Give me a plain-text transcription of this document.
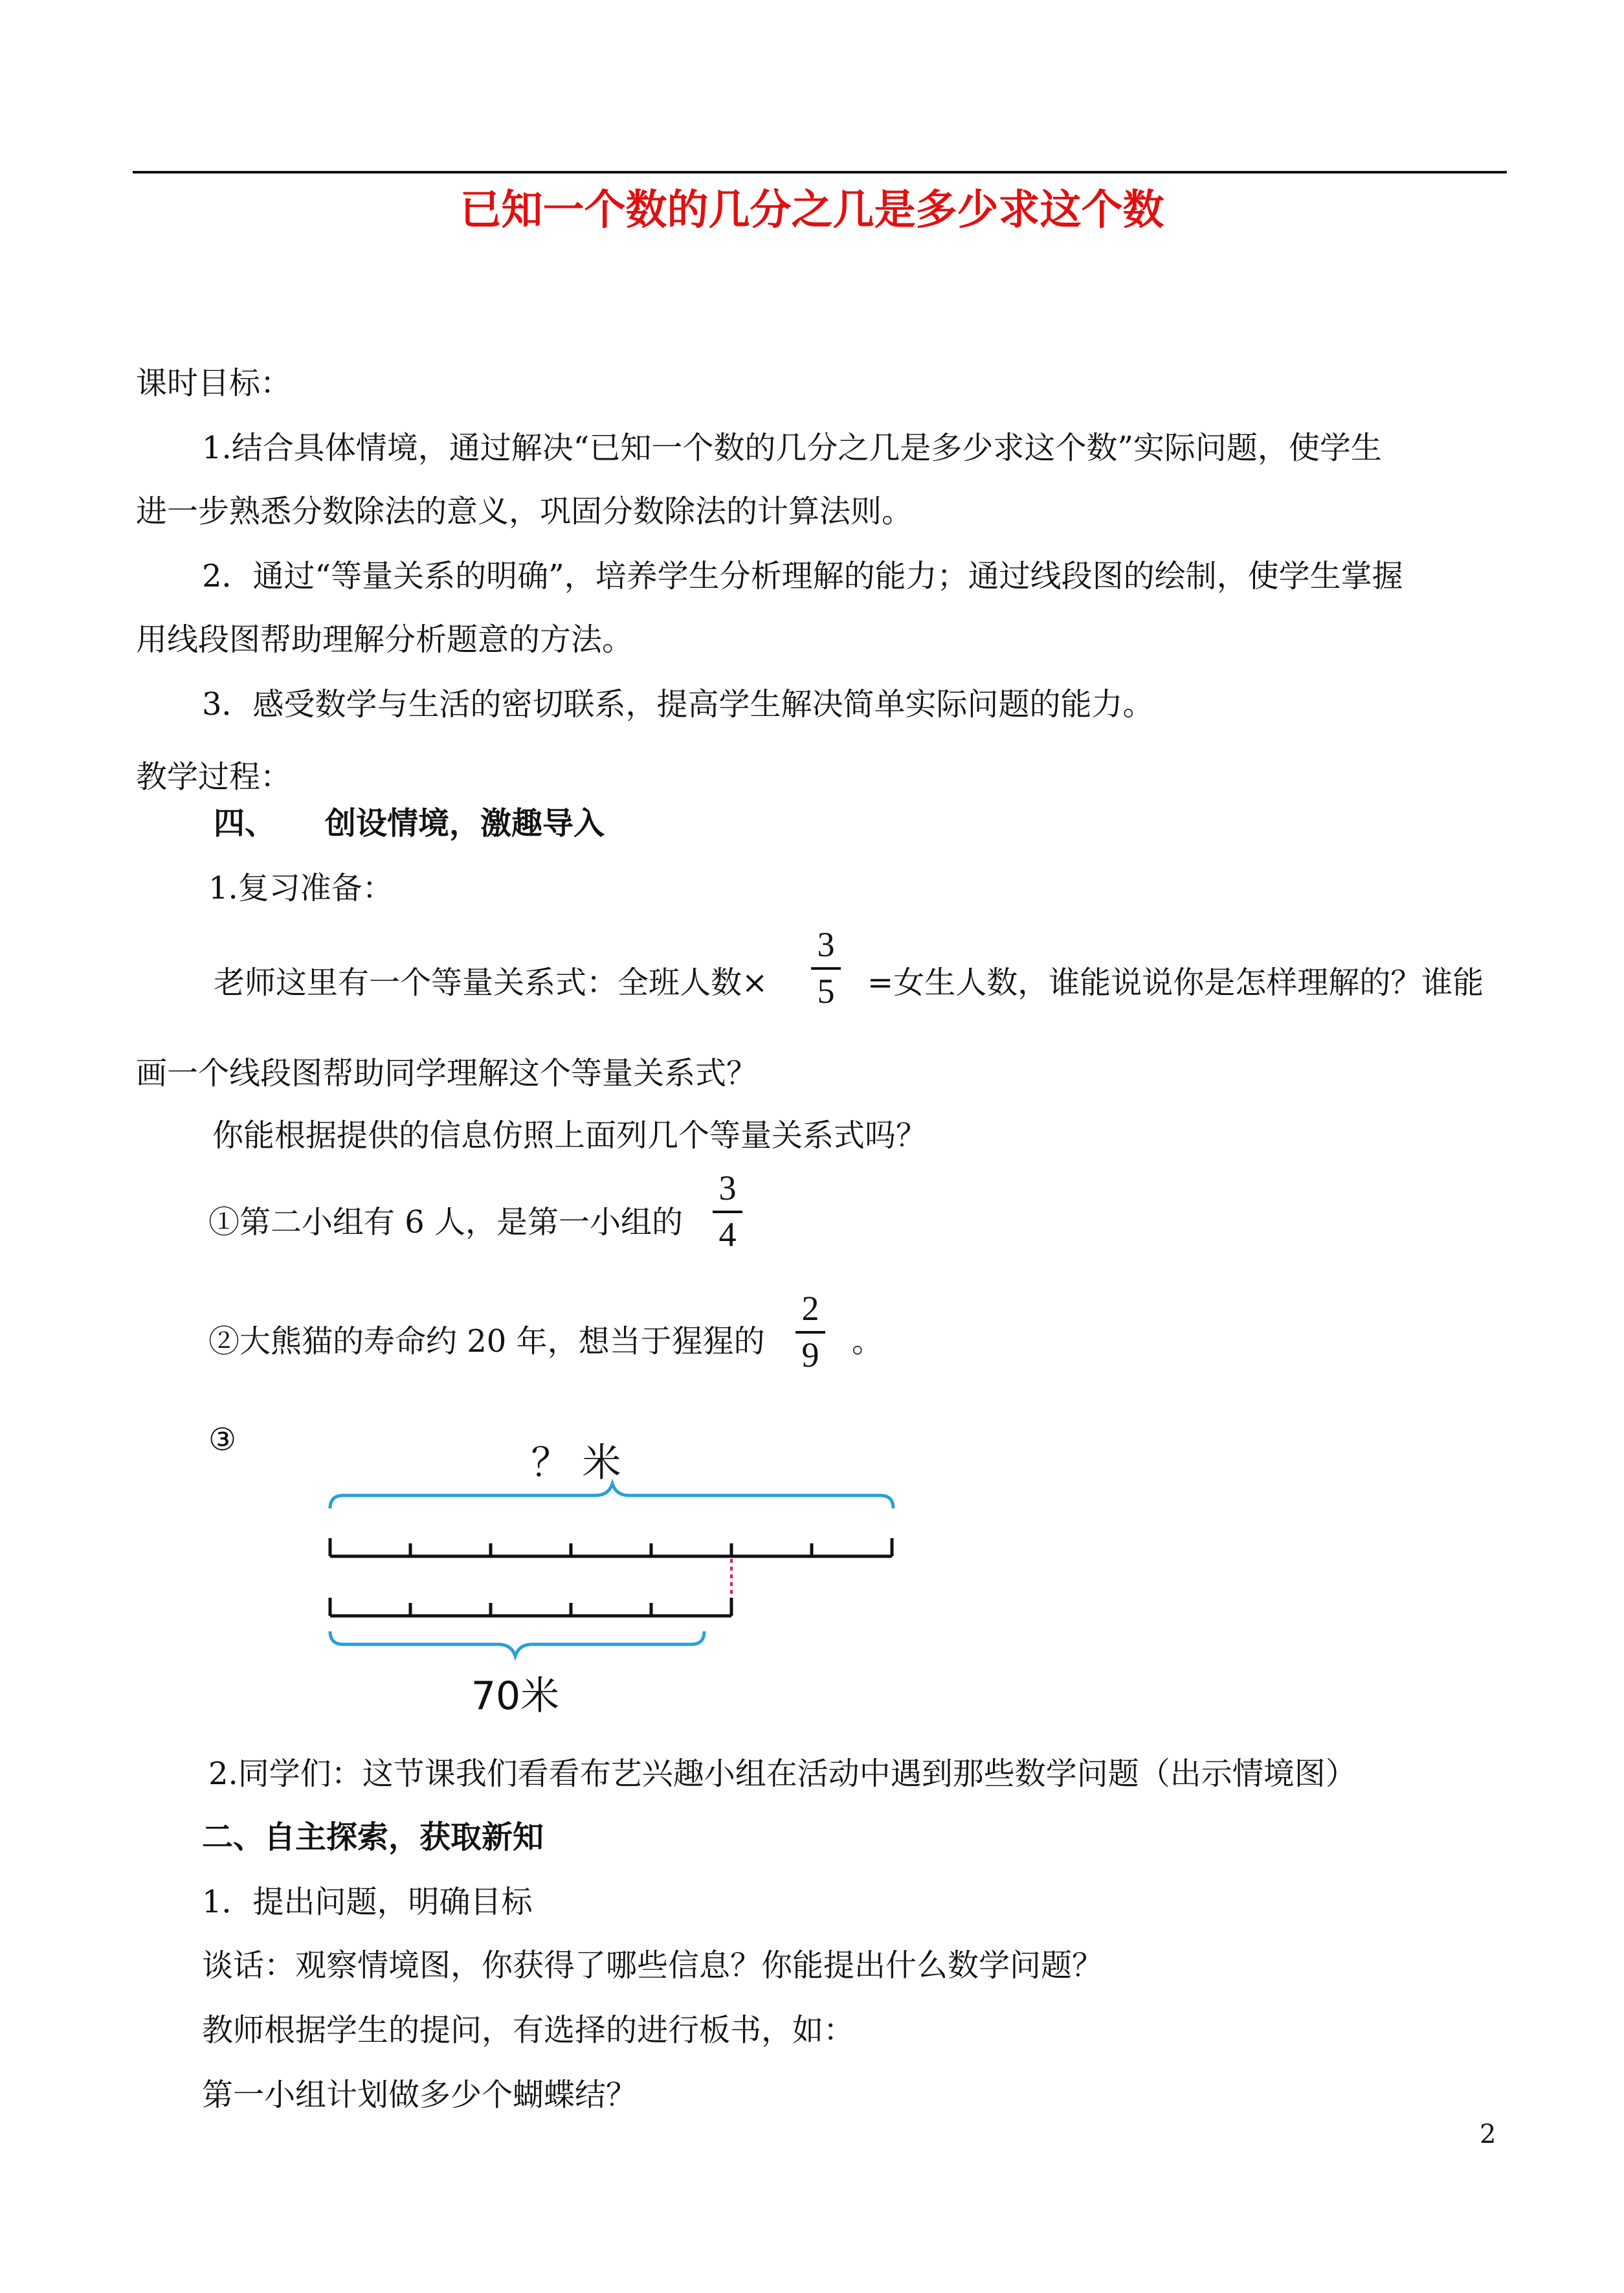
已知一个数的几分之几是多少求这个数
课时目标：
1.结合具体情境，通过解决“已知一个数的几分之几是多少求这个数”实际问题，使学生
进一步熟悉分数除法的意义，巩固分数除法的计算法则。
2．通过“等量关系的明确”，培养学生分析理解的能力；通过线段图的绘制，使学生掌握
用线段图帮助理解分析题意的方法。
3．感受数学与生活的密切联系，提高学生解决简单实际问题的能力。
教学过程：
四、 创设情境，激趣导入
1.复习准备：
老师这里有一个等量关系式：全班人数×
3
5 =女生人数，谁能说说你是怎样理解的？谁能
画一个线段图帮助同学理解这个等量关系式？
你能根据提供的信息仿照上面列几个等量关系式吗？
①第二小组有 6 人，是第一小组的
3
4
②大熊猫的寿命约 20 年，想当于猩猩的
2
9 。
③
？ 米
70米
2.同学们：这节课我们看看布艺兴趣小组在活动中遇到那些数学问题（出示情境图）
二、自主探索，获取新知
1．提出问题，明确目标
谈话：观察情境图，你获得了哪些信息？你能提出什么数学问题？
教师根据学生的提问，有选择的进行板书，如：
第一小组计划做多少个蝴蝶结？
2
